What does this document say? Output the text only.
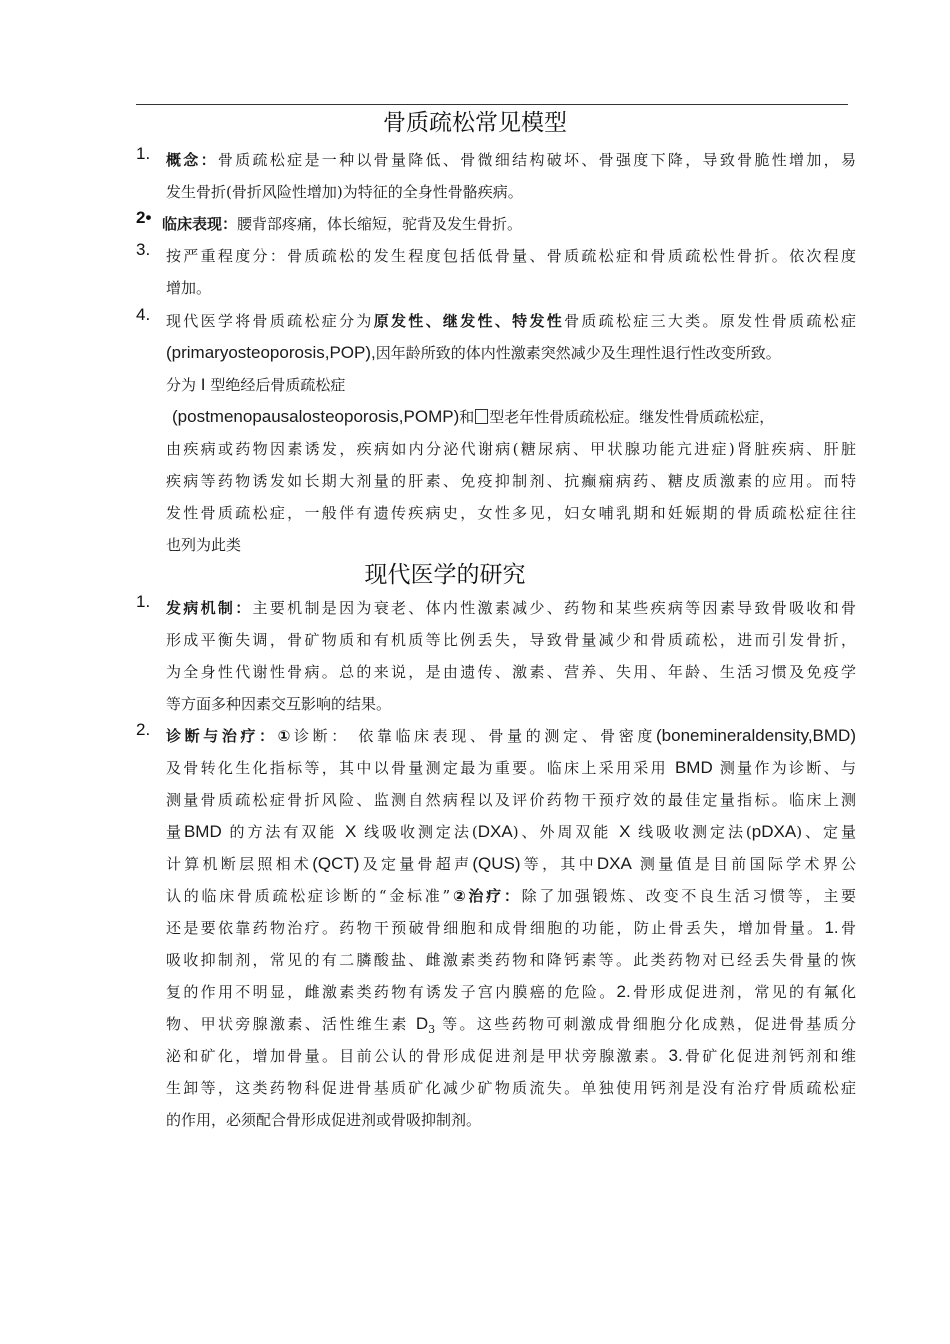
骨质疏松常见模型
1. 概念：骨质疏松症是一种以骨量降低、骨微细结构破坏、骨强度下降，导致骨脆性增加，易
发生骨折(骨折风险性增加)为特征的全身性骨骼疾病。
2• 临床表现：腰背部疼痛，体长缩短，驼背及发生骨折。
3. 按严重程度分：骨质疏松的发生程度包括低骨量、骨质疏松症和骨质疏松性骨折。依次程度
增加。
4. 现代医学将骨质疏松症分为原发性、继发性、特发性骨质疏松症三大类。原发性骨质疏松症
(primaryosteoporosis,POP),因年龄所致的体内性激素突然减少及生理性退行性改变所致。
分为 I 型绝经后骨质疏松症
(postmenopausalosteoporosis,POMP)和 型老年性骨质疏松症。继发性骨质疏松症，
由疾病或药物因素诱发，疾病如内分泌代谢病(糖尿病、甲状腺功能亢进症)肾脏疾病、肝脏
疾病等药物诱发如长期大剂量的肝素、免疫抑制剂、抗癫痫病药、糖皮质激素的应用。而特
发性骨质疏松症，一般伴有遗传疾病史，女性多见，妇女哺乳期和妊娠期的骨质疏松症往往
也列为此类
现代医学的研究
1. 发病机制：主要机制是因为衰老、体内性激素减少、药物和某些疾病等因素导致骨吸收和骨
形成平衡失调，骨矿物质和有机质等比例丢失，导致骨量减少和骨质疏松，进而引发骨折，
为全身性代谢性骨病。总的来说，是由遗传、激素、营养、失用、年龄、生活习惯及免疫学
等方面多种因素交互影响的结果。
2. 诊断与治疗：①诊断： 依靠临床表现、骨量的测定、骨密度(bonemineraldensity,BMD)
及骨转化生化指标等，其中以骨量测定最为重要。临床上采用采用 BMD 测量作为诊断、与
测量骨质疏松症骨折风险、监测自然病程以及评价药物干预疗效的最佳定量指标。临床上测
量BMD 的方法有双能 X 线吸收测定法(DXA)、外周双能 X 线吸收测定法(pDXA)、定量
计算机断层照相术(QCT)及定量骨超声(QUS)等，其中DXA 测量值是目前国际学术界公
认的临床骨质疏松症诊断的“金标准”②治疗：除了加强锻炼、改变不良生活习惯等，主要
还是要依靠药物治疗。药物干预破骨细胞和成骨细胞的功能，防止骨丢失，增加骨量。1.骨
吸收抑制剂，常见的有二膦酸盐、雌激素类药物和降钙素等。此类药物对已经丢失骨量的恢
复的作用不明显，雌激素类药物有诱发子宫内膜癌的危险。2.骨形成促进剂，常见的有氟化
物、甲状旁腺激素、活性维生素 $D_3$ 等。这些药物可刺激成骨细胞分化成熟，促进骨基质分
泌和矿化，增加骨量。目前公认的骨形成促进剂是甲状旁腺激素。3.骨矿化促进剂钙剂和维
生卸等，这类药物科促进骨基质矿化减少矿物质流失。单独使用钙剂是没有治疗骨质疏松症
的作用，必须配合骨形成促进剂或骨吸抑制剂。
